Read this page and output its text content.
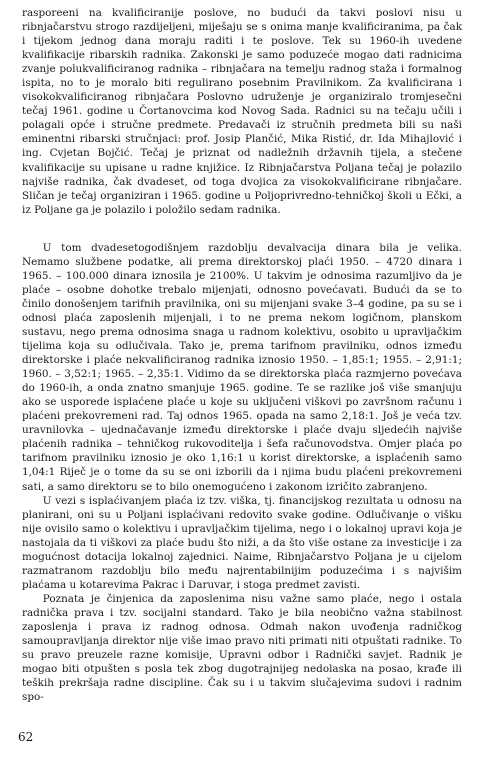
rasporeeni na kvalificiranije poslove, no budući da takvi poslovi nisu u ribnjačarstvu strogo razdijeljeni, miješaju se s onima manje kvalificiranima, pa čak i tijekom jednog dana moraju raditi i te poslove. Tek su 1960-ih uvedene kvalifikacije ribarskih radnika. Zakonski je samo poduzeće mogao dati radnicima zvanje polukvalificiranog radnika – ribnjačara na temelju radnog staža i formalnog ispita, no to je moralo biti regulirano posebnim Pravilnikom. Za kvalificirana i visokokvalificiranog ribnjačara Poslovno udruženje je organiziralo tromjesečni tečaj 1961. godine u Čortanovcima kod Novog Sada. Radnici su na tečaju učili i polagali opće i stručne predmete. Predavači iz stručnih predmeta bili su naši eminentni ribarski stručnjaci: prof. Josip Plančić, Mika Ristić, dr. Ida Mihajlović i ing. Cvjetan Bojčić. Tečaj je priznat od nadležnih državnih tijela, a stečene kvalifikacije su upisane u radne knjižice. Iz Ribnjačarstva Poljana tečaj je polazilo najviše radnika, čak dvadeset, od toga dvojica za visokokvalificirane ribnjačare. Sličan je tečaj organiziran i 1965. godine u Poljoprivredno-tehničkoj školi u Ečki, a iz Poljane ga je polazilo i položilo sedam radnika.

U tom dvadesetogodišnjem razdoblju devalvacija dinara bila je velika. Nemamo službene podatke, ali prema direktorskoj plaći 1950. – 4720 dinara i 1965. – 100.000 dinara iznosila je 2100%. U takvim je odnosima razumljivo da je plaće – osobne dohotke trebalo mijenjati, odnosno povećavati. Budući da se to činilo donošenjem tarifnih pravilnika, oni su mijenjani svake 3–4 godine, pa su se i odnosi plaća zaposlenih mijenjali, i to ne prema nekom logičnom, planskom sustavu, nego prema odnosima snaga u radnom kolektivu, osobito u upravljačkim tijelima koja su odlučivala. Tako je, prema tarifnom pravilniku, odnos između direktorske i plaće nekvalificiranog radnika iznosio 1950. – 1,85:1; 1955. – 2,91:1; 1960. – 3,52:1; 1965. – 2,35:1. Vidimo da se direktorska plaća razmjerno povećava do 1960-ih, a onda znatno smanjuje 1965. godine. Te se razlike još više smanjuju ako se usporede isplaćene plaće u koje su uključeni viškovi po završnom računu i plaćeni prekovremeni rad. Taj odnos 1965. opada na samo 2,18:1. Još je veća tzv. uravnilovka – ujednačavanje između direktorske i plaće dvaju sljedećih najviše plaćenih radnika – tehničkog rukovoditelja i šefa računovodstva. Omjer plaća po tarifnom pravilniku iznosio je oko 1,16:1 u korist direktorske, a isplaćenih samo 1,04:1 Riječ je o tome da su se oni izborili da i njima budu plaćeni prekovremeni sati, a samo direktoru se to bilo onemogućeno i zakonom izričito zabranjeno.

U vezi s isplaćivanjem plaća iz tzv. viška, tj. financijskog rezultata u odnosu na planirani, oni su u Poljani isplaćivani redovito svake godine. Odlučivanje o višku nije ovisilo samo o kolektivu i upravljačkim tijelima, nego i o lokalnoj upravi koja je nastojala da ti viškovi za plaće budu što niži, a da što više ostane za investicije i za mogućnost dotacija lokalnoj zajednici. Naime, Ribnjačarstvo Poljana je u cijelom razmatranom razdoblju bilo među najrentabilnijim poduzećima i s najvišim plaćama u kotarevima Pakrac i Daruvar, i stoga predmet zavisti.

Poznata je činjenica da zaposlenima nisu važne samo plaće, nego i ostala radnička prava i tzv. socijalni standard. Tako je bila neobično važna stabilnost zaposlenja i prava iz radnog odnosa. Odmah nakon uvođenja radničkog samoupravljanja direktor nije više imao pravo niti primati niti otpuštati radnike. To su pravo preuzele razne komisije, Upravni odbor i Radnički savjet. Radnik je mogao biti otpušten s posla tek zbog dugotrajnijeg nedolaska na posao, krađe ili teških prekršaja radne discipline. Čak su i u takvim slučajevima sudovi i radnim spo-

62
